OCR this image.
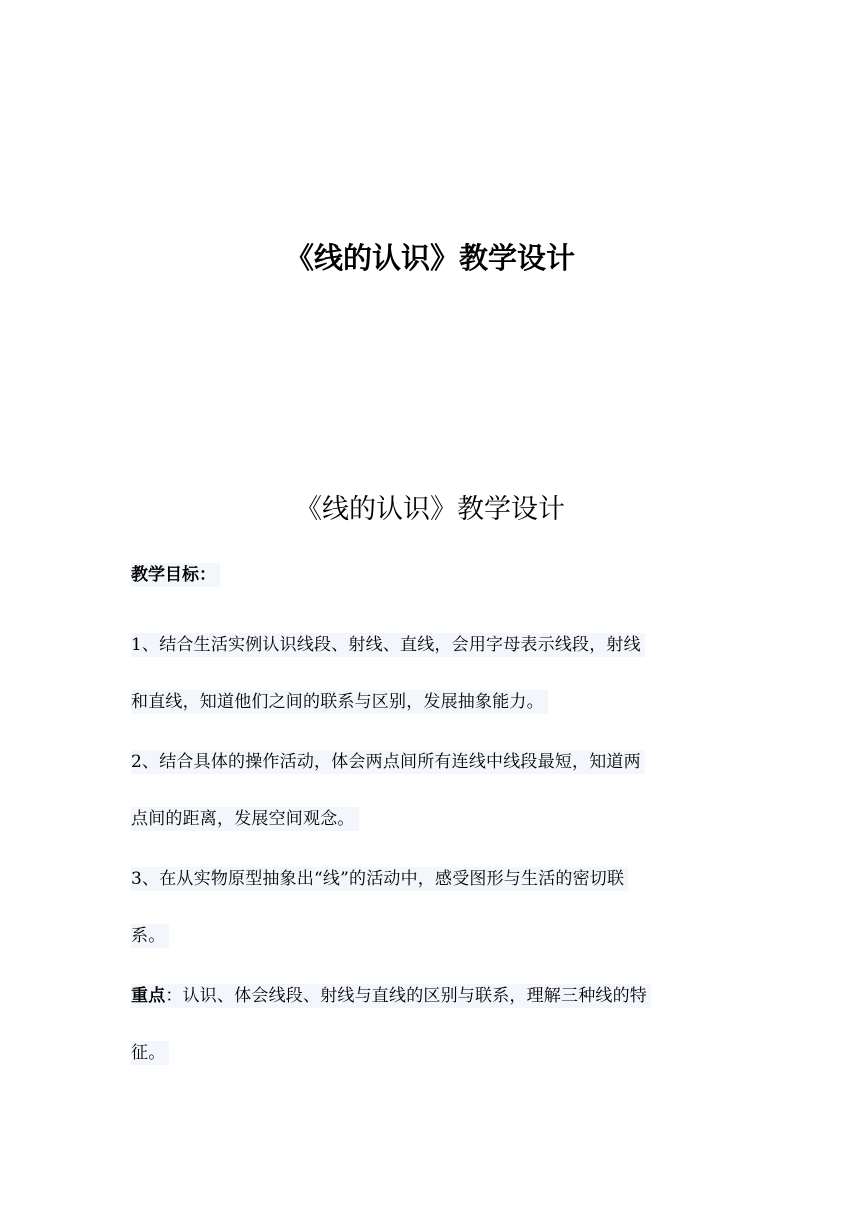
《线的认识》教学设计
《线的认识》教学设计

教学目标：

1、结合生活实例认识线段、射线、直线，会用字母表示线段，射线
和直线，知道他们之间的联系与区别，发展抽象能力。

2、结合具体的操作活动，体会两点间所有连线中线段最短，知道两
点间的距离，发展空间观念。

3、在从实物原型抽象出“线”的活动中，感受图形与生活的密切联
系。

重点：认识、体会线段、射线与直线的区别与联系，理解三种线的特
征。
